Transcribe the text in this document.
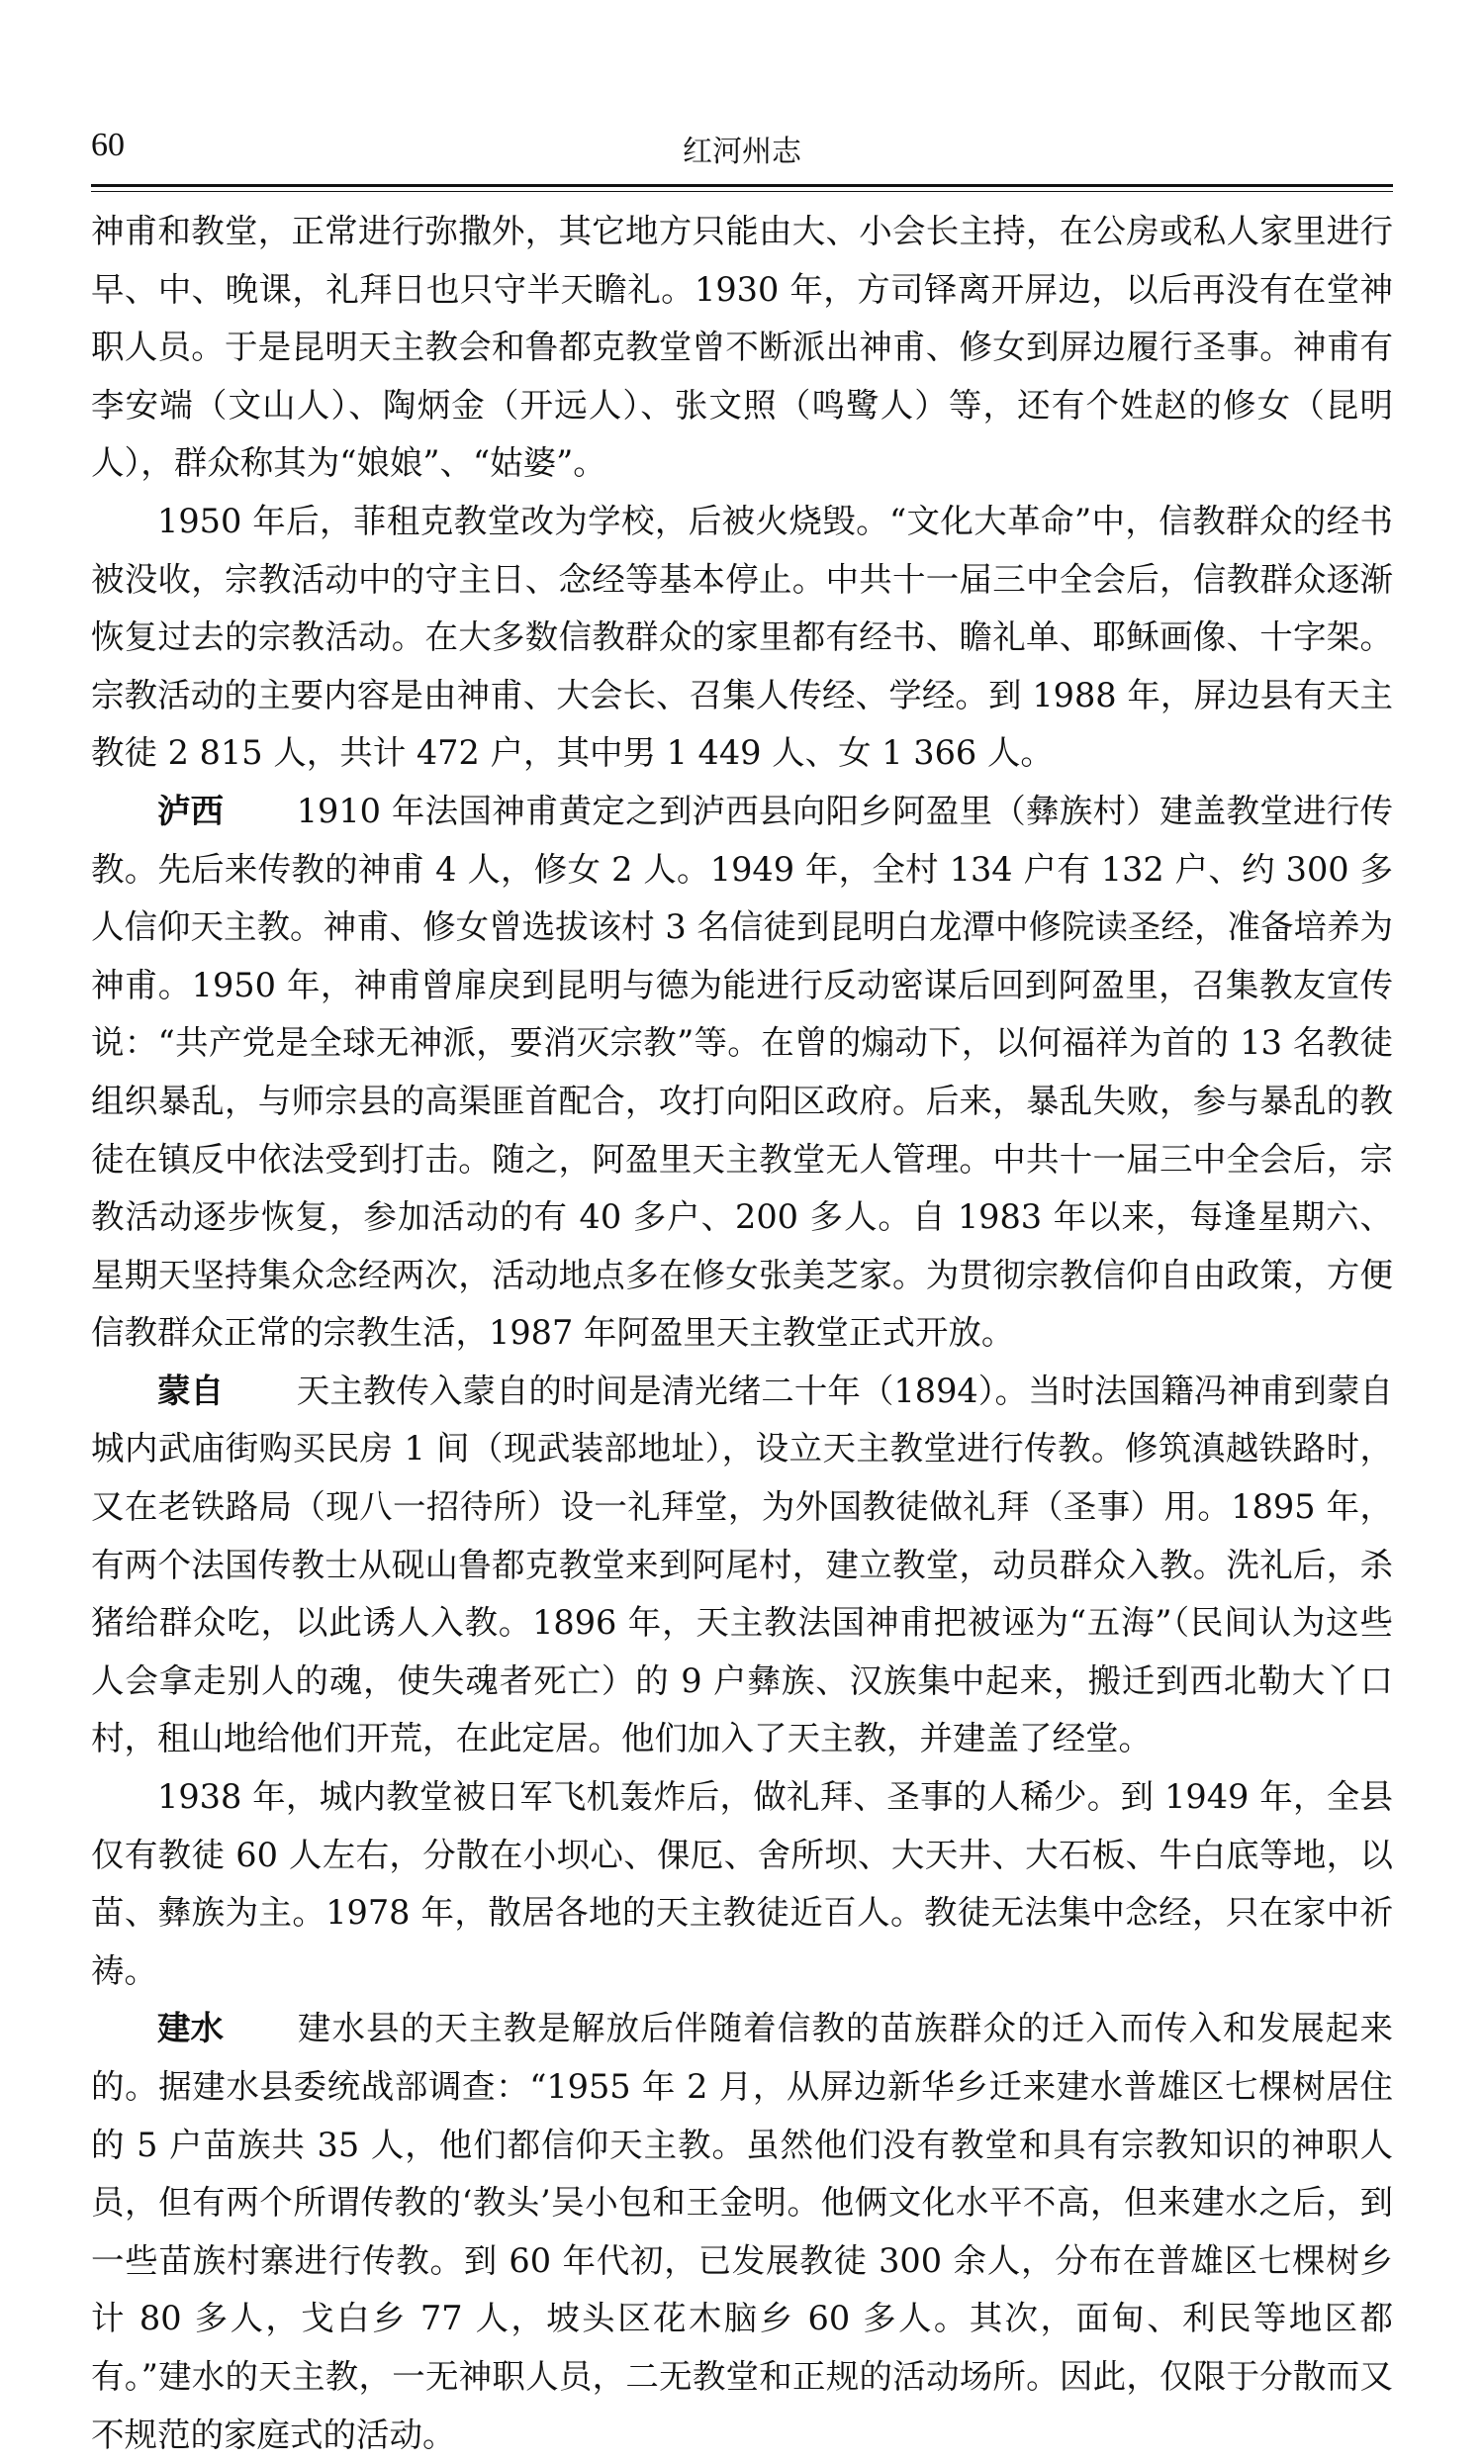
60	红河州志

神甫和教堂，正常进行弥撒外，其它地方只能由大、小会长主持，在公房或私人家里进行早、中、晚课，礼拜日也只守半天瞻礼。1930 年，方司铎离开屏边，以后再没有在堂神职人员。于是昆明天主教会和鲁都克教堂曾不断派出神甫、修女到屏边履行圣事。神甫有李安端（文山人）、陶炳金（开远人）、张文照（鸣鹭人）等，还有个姓赵的修女（昆明人），群众称其为“娘娘”、“姑婆”。

1950 年后，菲租克教堂改为学校，后被火烧毁。“文化大革命”中，信教群众的经书被没收，宗教活动中的守主日、念经等基本停止。中共十一届三中全会后，信教群众逐渐恢复过去的宗教活动。在大多数信教群众的家里都有经书、瞻礼单、耶稣画像、十字架。宗教活动的主要内容是由神甫、大会长、召集人传经、学经。到 1988 年，屏边县有天主教徒 2 815 人，共计 472 户，其中男 1 449 人、女 1 366 人。

泸西 1910 年法国神甫黄定之到泸西县向阳乡阿盈里（彝族村）建盖教堂进行传教。先后来传教的神甫 4 人，修女 2 人。1949 年，全村 134 户有 132 户、约 300 多人信仰天主教。神甫、修女曾选拔该村 3 名信徒到昆明白龙潭中修院读圣经，准备培养为神甫。1950 年，神甫曾扉戾到昆明与德为能进行反动密谋后回到阿盈里，召集教友宣传说：“共产党是全球无神派，要消灭宗教”等。在曾的煽动下，以何福祥为首的 13 名教徒组织暴乱，与师宗县的高渠匪首配合，攻打向阳区政府。后来，暴乱失败，参与暴乱的教徒在镇反中依法受到打击。随之，阿盈里天主教堂无人管理。中共十一届三中全会后，宗教活动逐步恢复，参加活动的有 40 多户、200 多人。自 1983 年以来，每逢星期六、星期天坚持集众念经两次，活动地点多在修女张美芝家。为贯彻宗教信仰自由政策，方便信教群众正常的宗教生活，1987 年阿盈里天主教堂正式开放。

蒙自 天主教传入蒙自的时间是清光绪二十年（1894）。当时法国籍冯神甫到蒙自城内武庙街购买民房 1 间（现武装部地址），设立天主教堂进行传教。修筑滇越铁路时，又在老铁路局（现八一招待所）设一礼拜堂，为外国教徒做礼拜（圣事）用。1895 年，有两个法国传教士从砚山鲁都克教堂来到阿尾村，建立教堂，动员群众入教。洗礼后，杀猪给群众吃，以此诱人入教。1896 年，天主教法国神甫把被诬为“五海”（民间认为这些人会拿走别人的魂，使失魂者死亡）的 9 户彝族、汉族集中起来，搬迁到西北勒大丫口村，租山地给他们开荒，在此定居。他们加入了天主教，并建盖了经堂。

1938 年，城内教堂被日军飞机轰炸后，做礼拜、圣事的人稀少。到 1949 年，全县仅有教徒 60 人左右，分散在小坝心、倮厄、舍所坝、大天井、大石板、牛白底等地，以苗、彝族为主。1978 年，散居各地的天主教徒近百人。教徒无法集中念经，只在家中祈祷。

建水 建水县的天主教是解放后伴随着信教的苗族群众的迁入而传入和发展起来的。据建水县委统战部调查：“1955 年 2 月，从屏边新华乡迁来建水普雄区七棵树居住的 5 户苗族共 35 人，他们都信仰天主教。虽然他们没有教堂和具有宗教知识的神职人员，但有两个所谓传教的‘教头’吴小包和王金明。他俩文化水平不高，但来建水之后，到一些苗族村寨进行传教。到 60 年代初，已发展教徒 300 余人，分布在普雄区七棵树乡计 80 多人，戈白乡 77 人，坡头区花木脑乡 60 多人。其次，面甸、利民等地区都有。”建水的天主教，一无神职人员，二无教堂和正规的活动场所。因此，仅限于分散而又不规范的家庭式的活动。
